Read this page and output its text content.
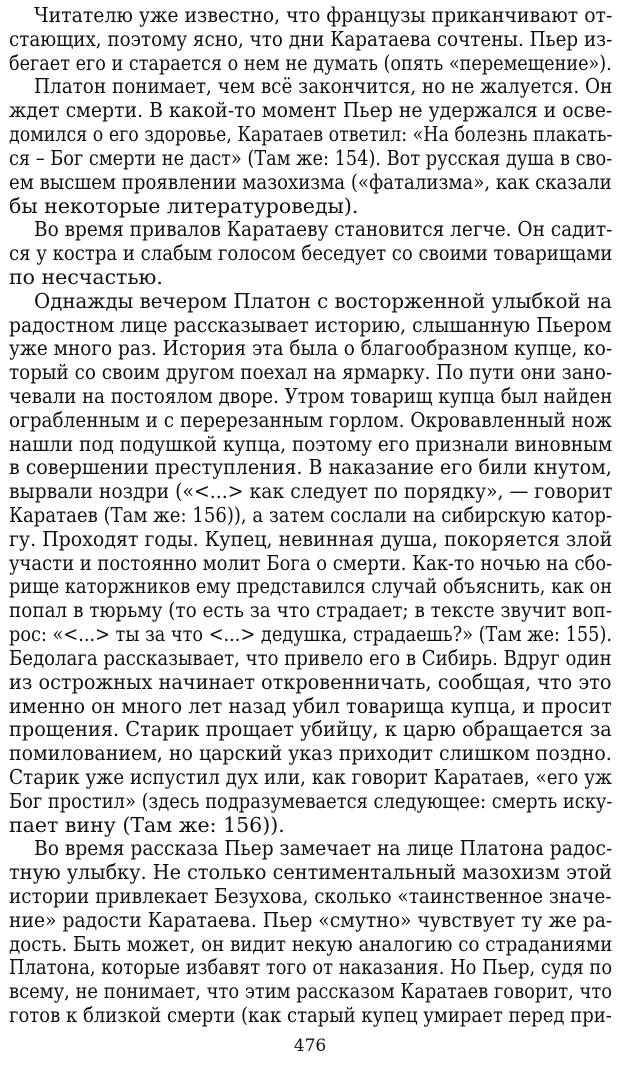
Читателю уже известно, что французы приканчивают от-

стающих, поэтому ясно, что дни Каратаева сочтены. Пьер из-

бегает его и старается о нем не думать (опять «перемещение»).

Платон понимает, чем всё закончится, но не жалуется. Он

ждет смерти. В какой-то момент Пьер не удержался и осве-

домился о его здоровье, Каратаев ответил: «На болезнь плакать-

ся – Бог смерти не даст» (Там же: 154). Вот русская душа в сво-

ем высшем проявлении мазохизма («фатализма», как сказали

бы некоторые литературоведы).

Во время привалов Каратаеву становится легче. Он садит-

ся у костра и слабым голосом беседует со своими товарищами

по несчастью.

Однажды вечером Платон с восторженной улыбкой на

радостном лице рассказывает историю, слышанную Пьером

уже много раз. История эта была о благообразном купце, ко-

торый со своим другом поехал на ярмарку. По пути они зано-

чевали на постоялом дворе. Утром товарищ купца был найден

ограбленным и с перерезанным горлом. Окровавленный нож

нашли под подушкой купца, поэтому его признали виновным

в совершении преступления. В наказание его били кнутом,

вырвали ноздри («<...> как следует по порядку», — говорит

Каратаев (Там же: 156)), а затем сослали на сибирскую катор-

гу. Проходят годы. Купец, невинная душа, покоряется злой

участи и постоянно молит Бога о смерти. Как-то ночью на сбо-

рище каторжников ему представился случай объяснить, как он

попал в тюрьму (то есть за что страдает; в тексте звучит воп-

рос: «<...> ты за что <...> дедушка, страдаешь?» (Там же: 155).

Бедолага рассказывает, что привело его в Сибирь. Вдруг один

из острожных начинает откровенничать, сообщая, что это

именно он много лет назад убил товарища купца, и просит

прощения. Старик прощает убийцу, к царю обращается за

помилованием, но царский указ приходит слишком поздно.

Старик уже испустил дух или, как говорит Каратаев, «его уж

Бог простил» (здесь подразумевается следующее: смерть иску-

пает вину (Там же: 156)).

Во время рассказа Пьер замечает на лице Платона радос-

тную улыбку. Не столько сентиментальный мазохизм этой

истории привлекает Безухова, сколько «таинственное значе-

ние» радости Каратаева. Пьер «смутно» чувствует ту же ра-

дость. Быть может, он видит некую аналогию со страданиями

Платона, которые избавят того от наказания. Но Пьер, судя по

всему, не понимает, что этим рассказом Каратаев говорит, что

готов к близкой смерти (как старый купец умирает перед при-

476
